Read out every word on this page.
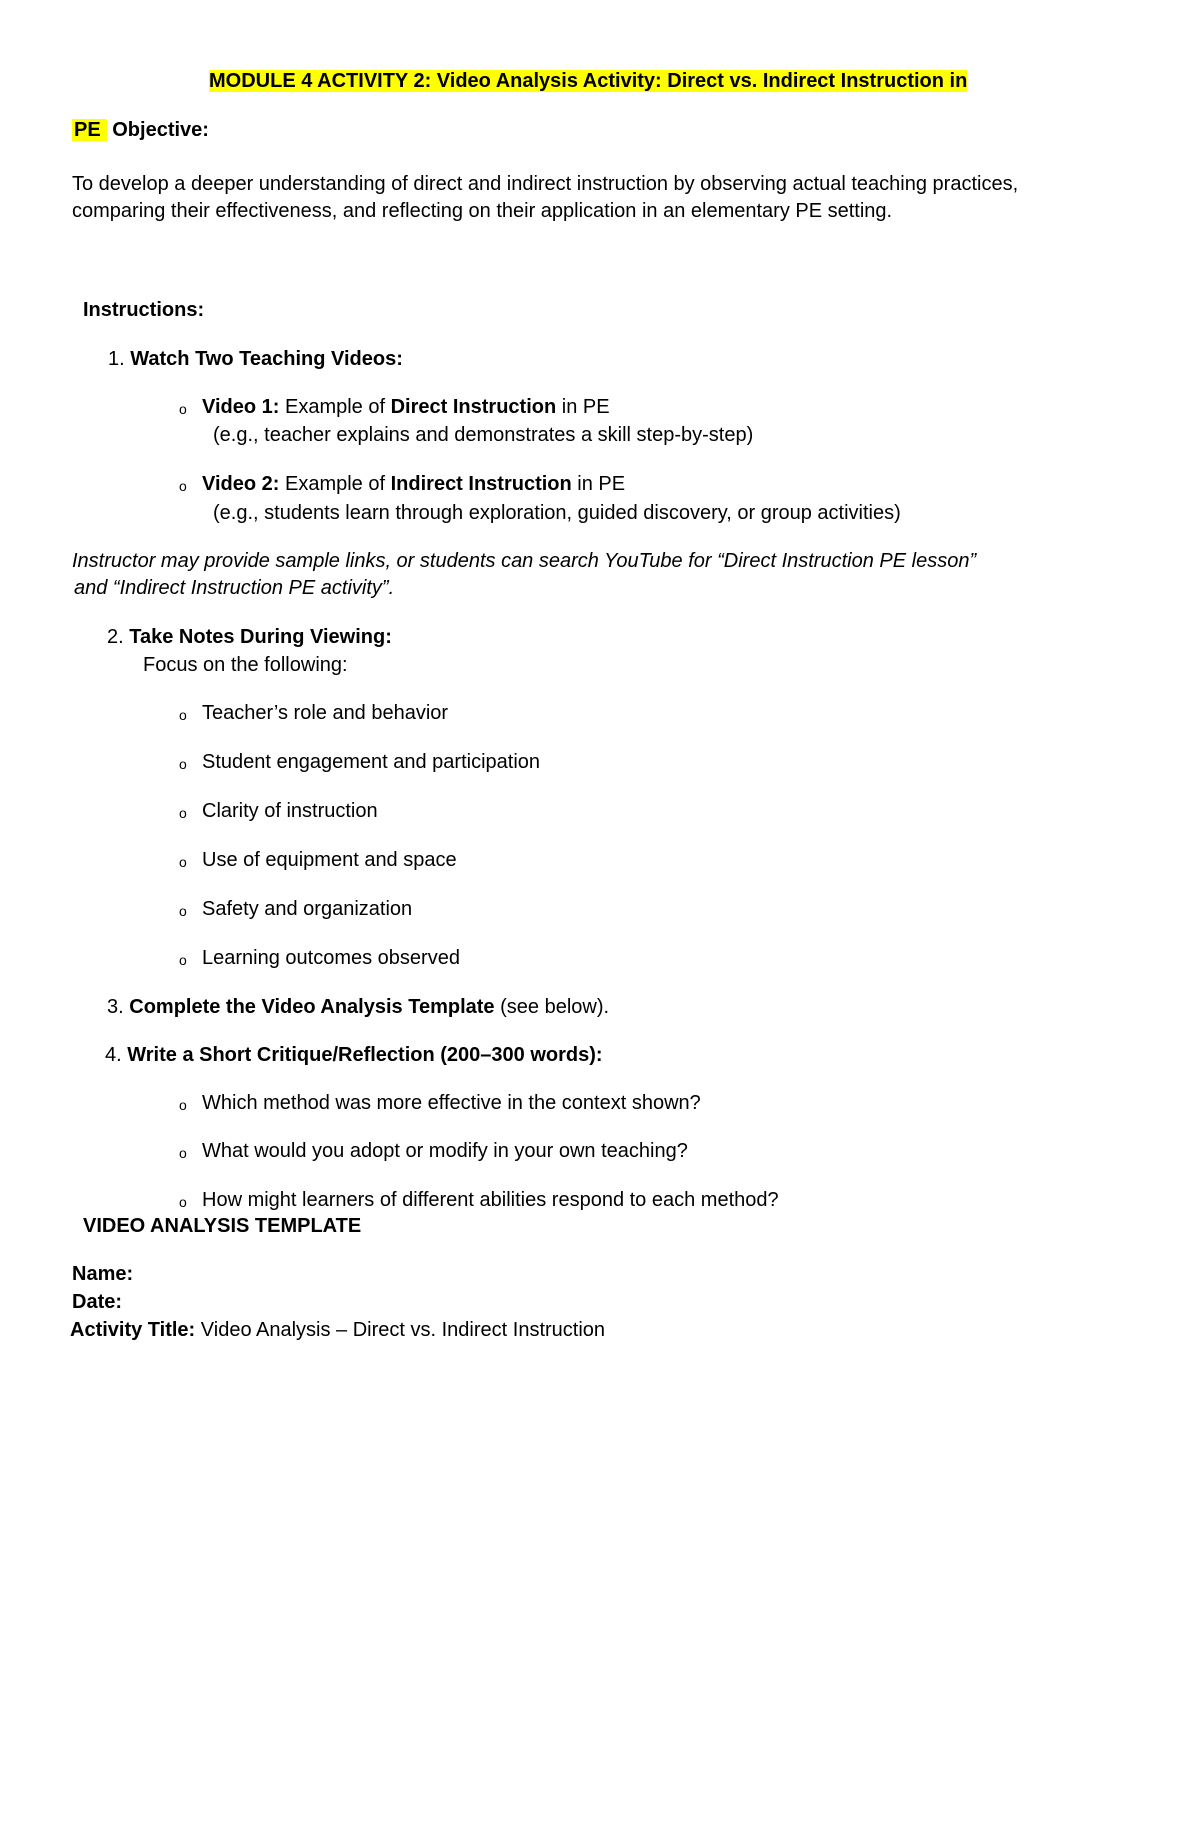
MODULE 4 ACTIVITY 2: Video Analysis Activity: Direct vs. Indirect Instruction in
PE Objective:
To develop a deeper understanding of direct and indirect instruction by observing actual teaching practices,
comparing their effectiveness, and reflecting on their application in an elementary PE setting.
Instructions:
1. Watch Two Teaching Videos:
o Video 1: Example of Direct Instruction in PE
(e.g., teacher explains and demonstrates a skill step-by-step)
o Video 2: Example of Indirect Instruction in PE
(e.g., students learn through exploration, guided discovery, or group activities)
Instructor may provide sample links, or students can search YouTube for “Direct Instruction PE lesson”
and “Indirect Instruction PE activity”.
2. Take Notes During Viewing:
Focus on the following:
o Teacher’s role and behavior
o Student engagement and participation
o Clarity of instruction
o Use of equipment and space
o Safety and organization
o Learning outcomes observed
3. Complete the Video Analysis Template (see below).
4. Write a Short Critique/Reflection (200–300 words):
o Which method was more effective in the context shown?
o What would you adopt or modify in your own teaching?
o How might learners of different abilities respond to each method?
VIDEO ANALYSIS TEMPLATE
Name:
Date:
Activity Title: Video Analysis – Direct vs. Indirect Instruction
